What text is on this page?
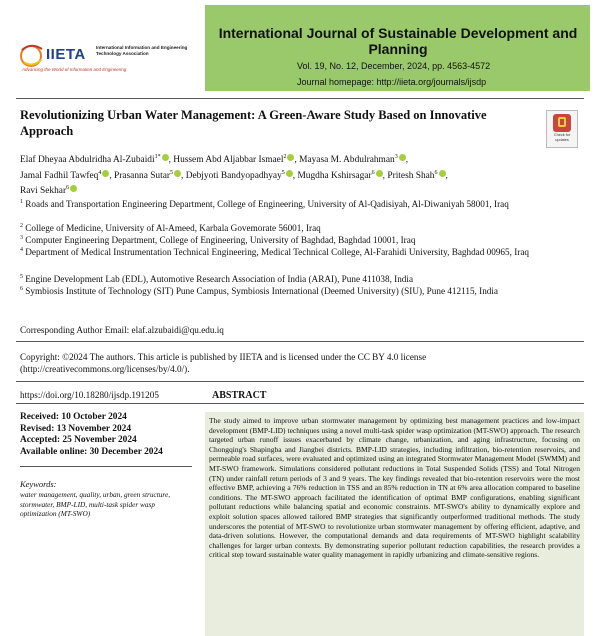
IIETA International Information and Engineering Technology Association
Advancing the World of Information and Engineering
International Journal of Sustainable Development and Planning
Vol. 19, No. 12, December, 2024, pp. 4563-4572
Journal homepage: http://iieta.org/journals/ijsdp
Revolutionizing Urban Water Management: A Green-Aware Study Based on Innovative Approach	Check for updates
Elaf Dheyaa Abdulridha Al-Zubaidi$^{1*}$ , Hussem Abd Aljabbar Ismael$^2$ , Mayasa M. Abdulrahman$^3$ ,
Jamal Fadhil Tawfeq$^4$ , Prasanna Sutar$^5$ , Debjyoti Bandyopadhyay$^5$ , Mugdha Kshirsagar$^6$ , Pritesh Shah$^6$ ,
Ravi Sekhar$^6$
$^1$ Roads and Transportation Engineering Department, College of Engineering, University of Al-Qadisiyah, Al-Diwaniyah 58001, Iraq
$^2$ College of Medicine, University of Al-Ameed, Karbala Govemorate 56001, Iraq
$^3$ Computer Engineering Department, College of Engineering, University of Baghdad, Baghdad 10001, Iraq
$^4$ Department of Medical Instrumentation Technical Engineering, Medical Technical College, Al-Farahidi University, Baghdad 00965, Iraq
$^5$ Engine Development Lab (EDL), Automotive Research Association of India (ARAI), Pune 411038, India
$^6$ Symbiosis Institute of Technology (SIT) Pune Campus, Symbiosis International (Deemed University) (SIU), Pune 412115, India
Corresponding Author Email: elaf.alzubaidi@qu.edu.iq
Copyright: ©2024 The authors. This article is published by IIETA and is licensed under the CC BY 4.0 license (http://creativecommons.org/licenses/by/4.0/).
https://doi.org/10.18280/ijsdp.191205	ABSTRACT
Received: 10 October 2024
Revised: 13 November 2024
Accepted: 25 November 2024
Available online: 30 December 2024
Keywords:
water management, quality, urban, green structure, stormwater, BMP-LID, multi-task spider wasp optimization (MT-SWO)
The study aimed to improve urban stormwater management by optimizing best management practices and low-impact development (BMP-LID) techniques using a novel multi-task spider wasp optimization (MT-SWO) approach. The research targeted urban runoff issues exacerbated by climate change, urbanization, and aging infrastructure, focusing on Chongqing's Shapingba and Jiangbei districts. BMP-LID strategies, including infiltration, bio-retention reservoirs, and permeable road surfaces, were evaluated and optimized using an integrated Stormwater Management Model (SWMM) and MT-SWO framework. Simulations considered pollutant reductions in Total Suspended Solids (TSS) and Total Nitrogen (TN) under rainfall return periods of 3 and 9 years. The key findings revealed that bio-retention reservoirs were the most effective BMP, achieving a 76% reduction in TSS and an 85% reduction in TN at 6% area allocation compared to baseline conditions. The MT-SWO approach facilitated the identification of optimal BMP configurations, enabling significant pollutant reductions while balancing spatial and economic constraints. MT-SWO's ability to dynamically explore and exploit solution spaces allowed tailored BMP strategies that significantly outperformed traditional methods. The study underscores the potential of MT-SWO to revolutionize urban stormwater management by offering efficient, adaptive, and data-driven solutions. However, the computational demands and data requirements of MT-SWO highlight scalability challenges for larger urban contexts. By demonstrating superior pollutant reduction capabilities, the research provides a critical step toward sustainable water quality management in rapidly urbanizing and climate-sensitive regions.
